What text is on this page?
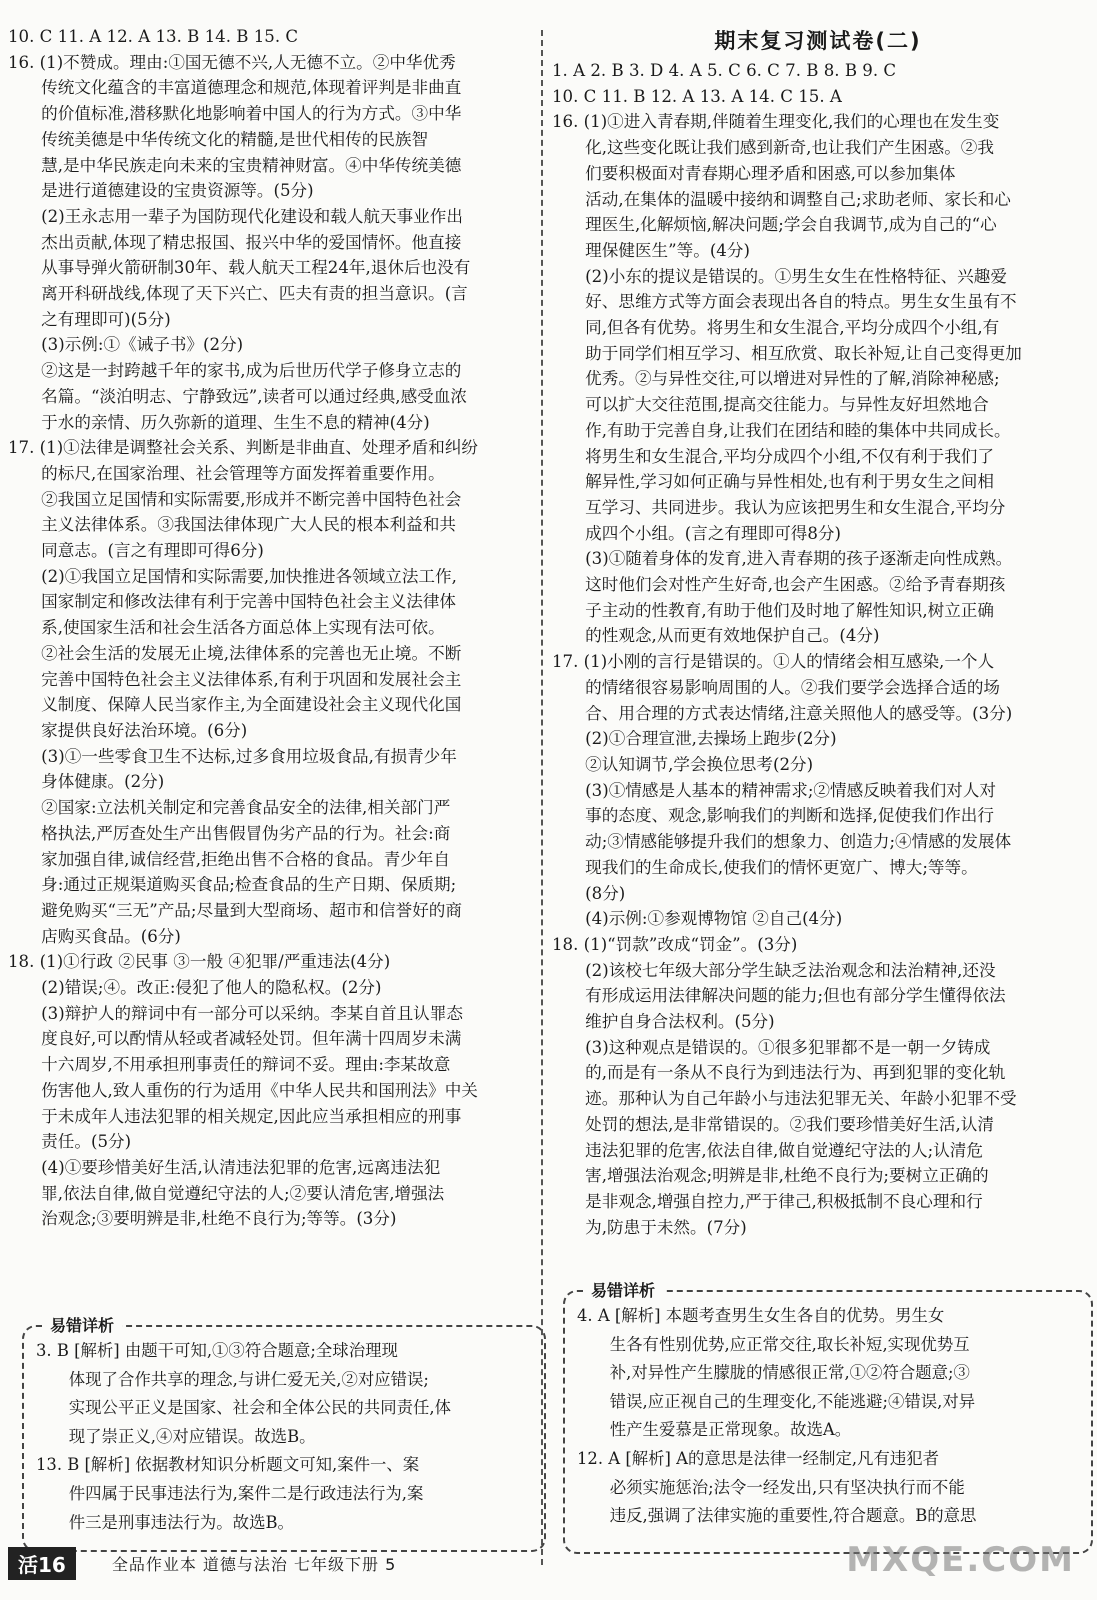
10. C 11. A 12. A 13. B 14. B 15. C
16. (1)不赞成。理由:①国无德不兴,人无德不立。②中华优秀
　　传统文化蕴含的丰富道德理念和规范,体现着评判是非曲直
　　的价值标准,潜移默化地影响着中国人的行为方式。③中华
　　传统美德是中华传统文化的精髓,是世代相传的民族智
　　慧,是中华民族走向未来的宝贵精神财富。④中华传统美德
　　是进行道德建设的宝贵资源等。(5分)
　　(2)王永志用一辈子为国防现代化建设和载人航天事业作出
　　杰出贡献,体现了精忠报国、报兴中华的爱国情怀。他直接
　　从事导弹火箭研制30年、载人航天工程24年,退休后也没有
　　离开科研战线,体现了天下兴亡、匹夫有责的担当意识。(言
　　之有理即可)(5分)
　　(3)示例:①《诫子书》(2分)
　　②这是一封跨越千年的家书,成为后世历代学子修身立志的
　　名篇。“淡泊明志、宁静致远”,读者可以通过经典,感受血浓
　　于水的亲情、历久弥新的道理、生生不息的精神(4分)
17. (1)①法律是调整社会关系、判断是非曲直、处理矛盾和纠纷
　　的标尺,在国家治理、社会管理等方面发挥着重要作用。
　　②我国立足国情和实际需要,形成并不断完善中国特色社会
　　主义法律体系。③我国法律体现广大人民的根本利益和共
　　同意志。(言之有理即可得6分)
　　(2)①我国立足国情和实际需要,加快推进各领域立法工作,
　　国家制定和修改法律有利于完善中国特色社会主义法律体
　　系,使国家生活和社会生活各方面总体上实现有法可依。
　　②社会生活的发展无止境,法律体系的完善也无止境。不断
　　完善中国特色社会主义法律体系,有利于巩固和发展社会主
　　义制度、保障人民当家作主,为全面建设社会主义现代化国
　　家提供良好法治环境。(6分)
　　(3)①一些零食卫生不达标,过多食用垃圾食品,有损青少年
　　身体健康。(2分)
　　②国家:立法机关制定和完善食品安全的法律,相关部门严
　　格执法,严厉查处生产出售假冒伪劣产品的行为。社会:商
　　家加强自律,诚信经营,拒绝出售不合格的食品。青少年自
　　身:通过正规渠道购买食品;检查食品的生产日期、保质期;
　　避免购买“三无”产品;尽量到大型商场、超市和信誉好的商
　　店购买食品。(6分)
18. (1)①行政 ②民事 ③一般 ④犯罪/严重违法(4分)
　　(2)错误;④。改正:侵犯了他人的隐私权。(2分)
　　(3)辩护人的辩词中有一部分可以采纳。李某自首且认罪态
　　度良好,可以酌情从轻或者减轻处罚。但年满十四周岁未满
　　十六周岁,不用承担刑事责任的辩词不妥。理由:李某故意
　　伤害他人,致人重伤的行为适用《中华人民共和国刑法》中关
　　于未成年人违法犯罪的相关规定,因此应当承担相应的刑事
　　责任。(5分)
　　(4)①要珍惜美好生活,认清违法犯罪的危害,远离违法犯
　　罪,依法自律,做自觉遵纪守法的人;②要认清危害,增强法
　　治观念;③要明辨是非,杜绝不良行为;等等。(3分)
易错详析
3. B [解析] 由题干可知,①③符合题意;全球治理现
　　体现了合作共享的理念,与讲仁爱无关,②对应错误;
　　实现公平正义是国家、社会和全体公民的共同责任,体
　　现了崇正义,④对应错误。故选B。
13. B [解析] 依据教材知识分析题文可知,案件一、案
　　件四属于民事违法行为,案件二是行政违法行为,案
　　件三是刑事违法行为。故选B。
期末复习测试卷(二)
1. A 2. B 3. D 4. A 5. C 6. C 7. B 8. B 9. C
10. C 11. B 12. A 13. A 14. C 15. A
16. (1)①进入青春期,伴随着生理变化,我们的心理也在发生变
　　化,这些变化既让我们感到新奇,也让我们产生困惑。②我
　　们要积极面对青春期心理矛盾和困惑,可以参加集体
　　活动,在集体的温暖中接纳和调整自己;求助老师、家长和心
　　理医生,化解烦恼,解决问题;学会自我调节,成为自己的“心
　　理保健医生”等。(4分)
　　(2)小东的提议是错误的。①男生女生在性格特征、兴趣爱
　　好、思维方式等方面会表现出各自的特点。男生女生虽有不
　　同,但各有优势。将男生和女生混合,平均分成四个小组,有
　　助于同学们相互学习、相互欣赏、取长补短,让自己变得更加
　　优秀。②与异性交往,可以增进对异性的了解,消除神秘感;
　　可以扩大交往范围,提高交往能力。与异性友好坦然地合
　　作,有助于完善自身,让我们在团结和睦的集体中共同成长。
　　将男生和女生混合,平均分成四个小组,不仅有利于我们了
　　解异性,学习如何正确与异性相处,也有利于男女生之间相
　　互学习、共同进步。我认为应该把男生和女生混合,平均分
　　成四个小组。(言之有理即可得8分)
　　(3)①随着身体的发育,进入青春期的孩子逐渐走向性成熟。
　　这时他们会对性产生好奇,也会产生困惑。②给予青春期孩
　　子主动的性教育,有助于他们及时地了解性知识,树立正确
　　的性观念,从而更有效地保护自己。(4分)
17. (1)小刚的言行是错误的。①人的情绪会相互感染,一个人
　　的情绪很容易影响周围的人。②我们要学会选择合适的场
　　合、用合理的方式表达情绪,注意关照他人的感受等。(3分)
　　(2)①合理宣泄,去操场上跑步(2分)
　　②认知调节,学会换位思考(2分)
　　(3)①情感是人基本的精神需求;②情感反映着我们对人对
　　事的态度、观念,影响我们的判断和选择,促使我们作出行
　　动;③情感能够提升我们的想象力、创造力;④情感的发展体
　　现我们的生命成长,使我们的情怀更宽广、博大;等等。
　　(8分)
　　(4)示例:①参观博物馆 ②自己(4分)
18. (1)“罚款”改成“罚金”。(3分)
　　(2)该校七年级大部分学生缺乏法治观念和法治精神,还没
　　有形成运用法律解决问题的能力;但也有部分学生懂得依法
　　维护自身合法权利。(5分)
　　(3)这种观点是错误的。①很多犯罪都不是一朝一夕铸成
　　的,而是有一条从不良行为到违法行为、再到犯罪的变化轨
　　迹。那种认为自己年龄小与违法犯罪无关、年龄小犯罪不受
　　处罚的想法,是非常错误的。②我们要珍惜美好生活,认清
　　违法犯罪的危害,依法自律,做自觉遵纪守法的人;认清危
　　害,增强法治观念;明辨是非,杜绝不良行为;要树立正确的
　　是非观念,增强自控力,严于律己,积极抵制不良心理和行
　　为,防患于未然。(7分)
易错详析
4. A [解析] 本题考查男生女生各自的优势。男生女
　　生各有性别优势,应正常交往,取长补短,实现优势互
　　补,对异性产生朦胧的情感很正常,①②符合题意;③
　　错误,应正视自己的生理变化,不能逃避;④错误,对异
　　性产生爱慕是正常现象。故选A。
12. A [解析] A的意思是法律一经制定,凡有违犯者
　　必须实施惩治;法令一经发出,只有坚决执行而不能
　　违反,强调了法律实施的重要性,符合题意。B的意思
活16	全品作业本 道德与法治 七年级下册 5	MXQE.COM
